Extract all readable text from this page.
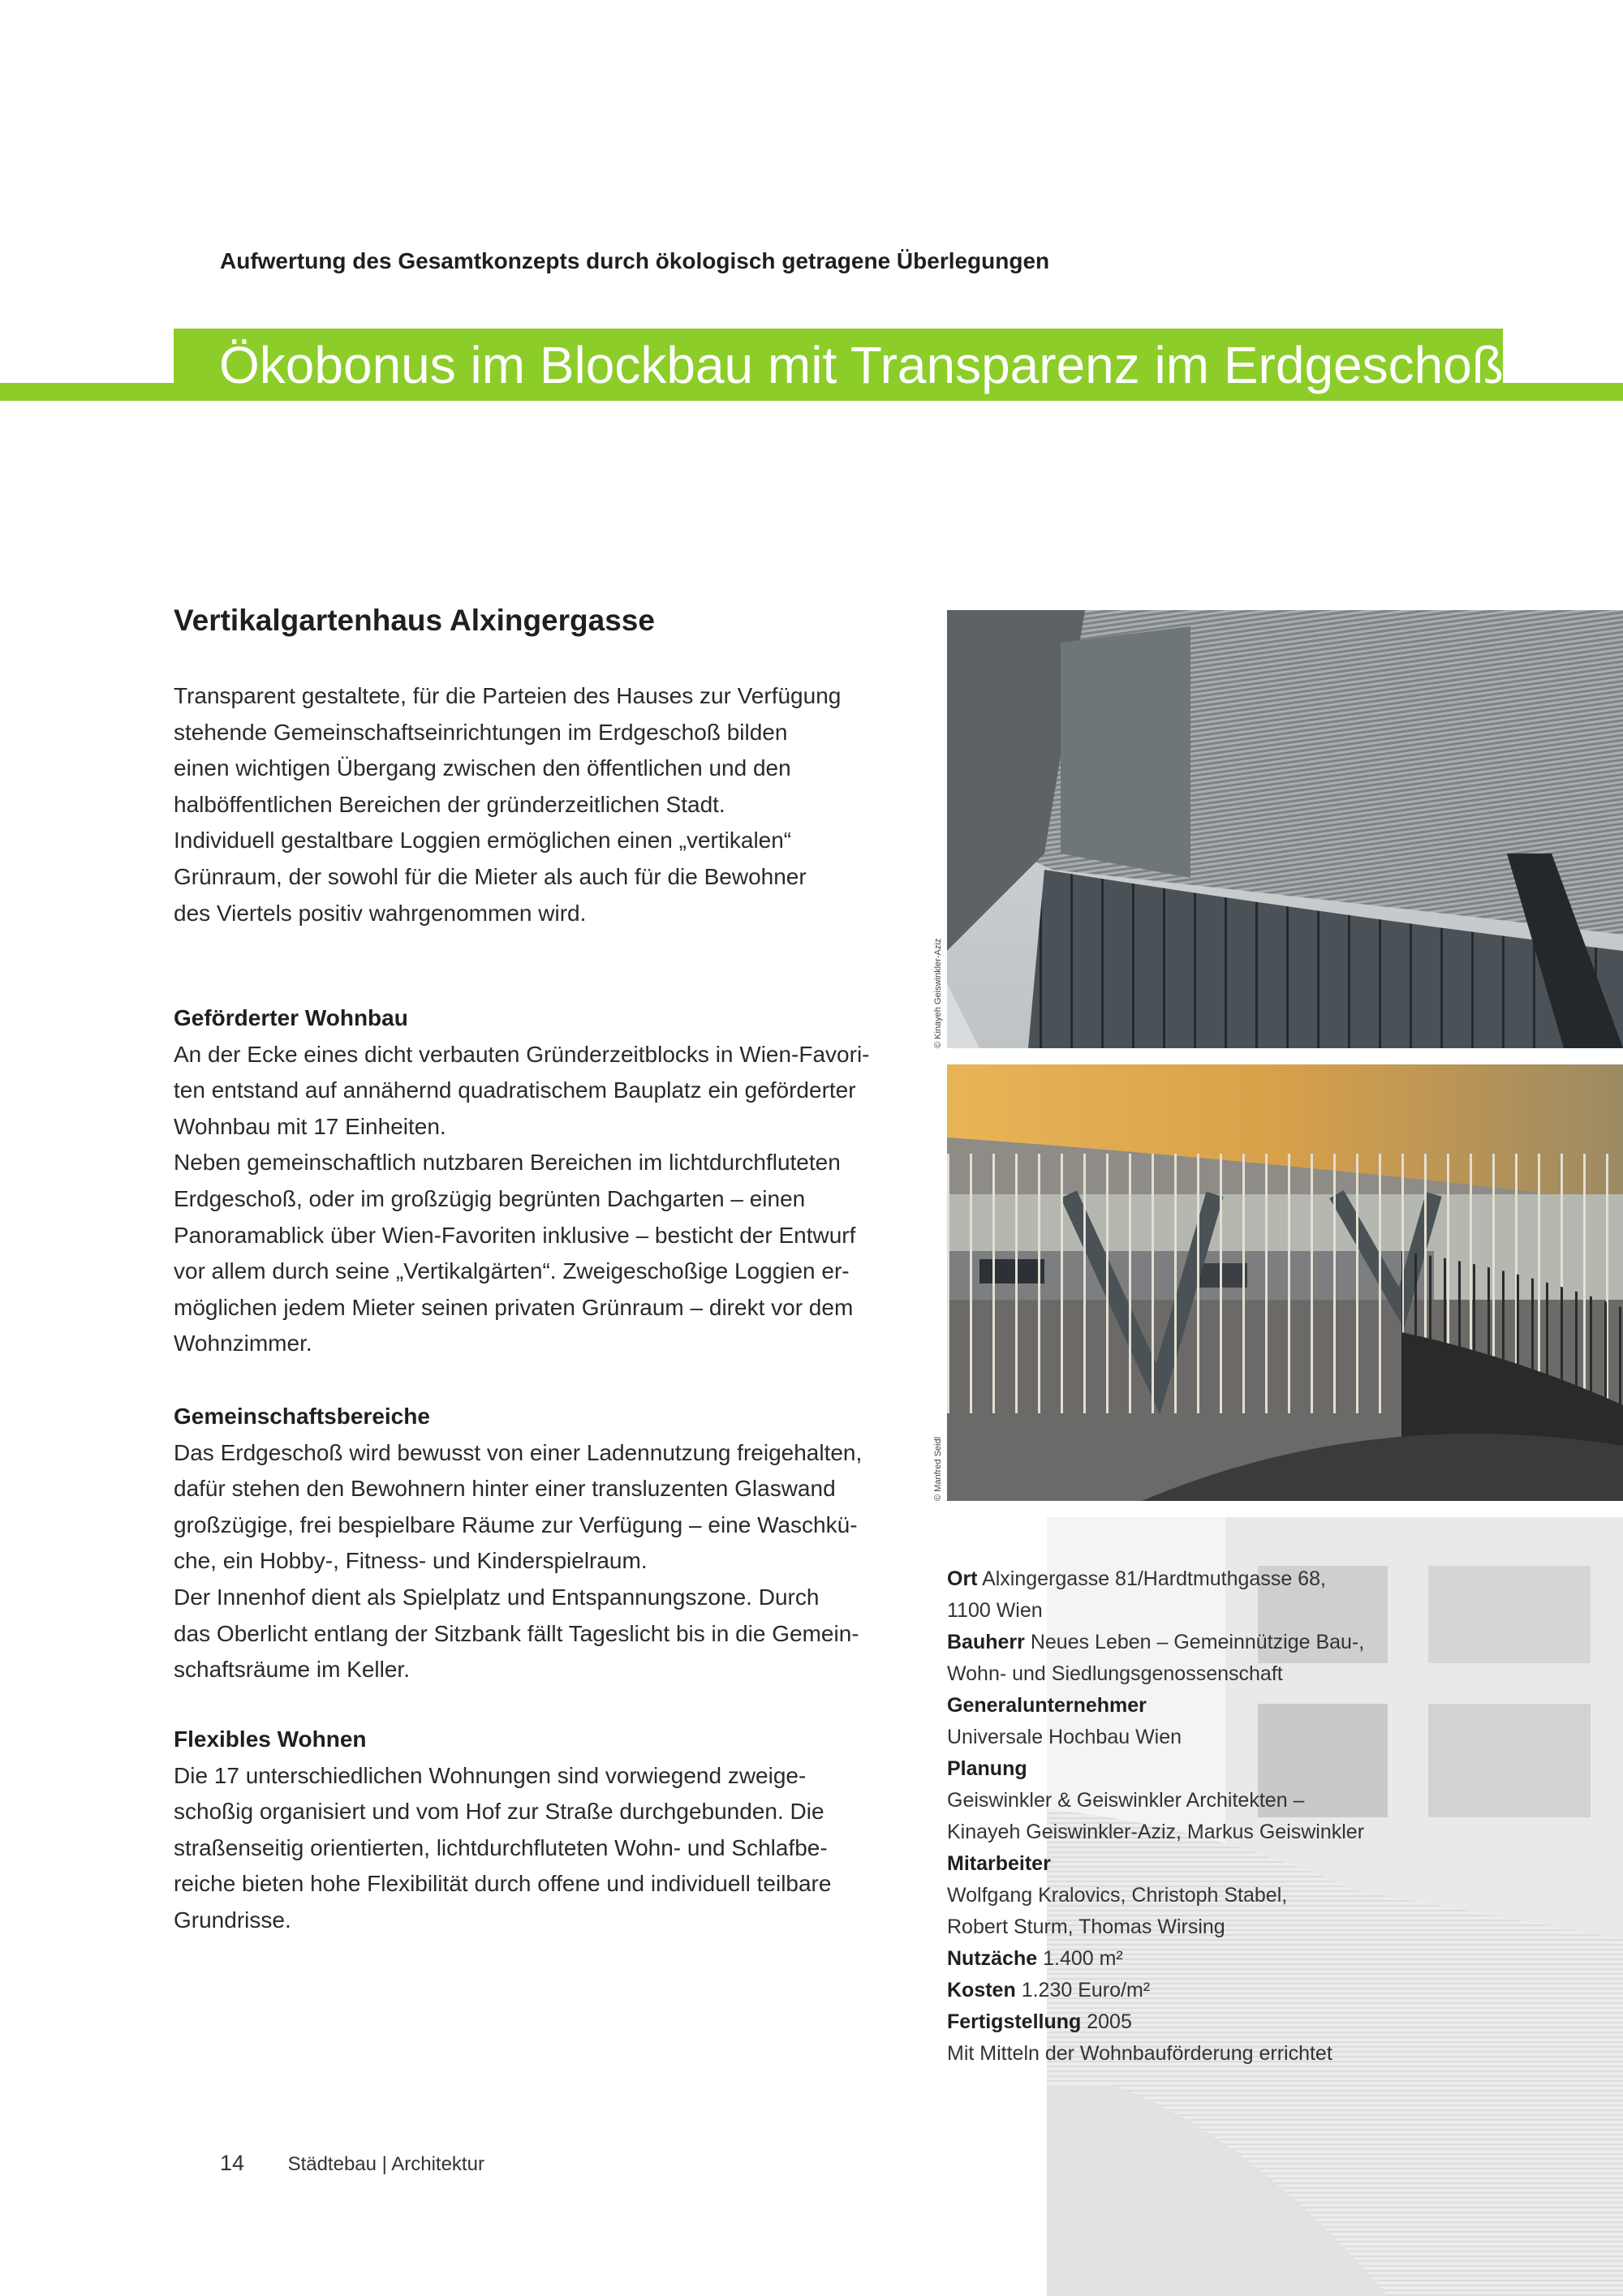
Aufwertung des Gesamtkonzepts durch ökologisch getragene Überlegungen
Ökobonus im Blockbau mit Transparenz im Erdgeschoß
Vertikalgartenhaus Alxingergasse
Transparent gestaltete, für die Parteien des Hauses zur Verfügung
stehende Gemeinschaftseinrichtungen im Erdgeschoß bilden
einen wichtigen Übergang zwischen den öffentlichen und den
halböffentlichen Bereichen der gründerzeitlichen Stadt.
Individuell gestaltbare Loggien ermöglichen einen „vertikalen“
Grünraum, der sowohl für die Mieter als auch für die Bewohner
des Viertels positiv wahrgenommen wird.
Geförderter Wohnbau

An der Ecke eines dicht verbauten Gründerzeitblocks in Wien-Favori-

ten entstand auf annähernd quadratischem Bauplatz ein geförderter

Wohnbau mit 17 Einheiten.

Neben gemeinschaftlich nutzbaren Bereichen im lichtdurchfluteten

Erdgeschoß, oder im großzügig begrünten Dachgarten – einen

Panoramablick über Wien-Favoriten inklusive – besticht der Entwurf

vor allem durch seine „Vertikalgärten“. Zweigeschoßige Loggien er-

möglichen jedem Mieter seinen privaten Grünraum – direkt vor dem

Wohnzimmer.

Gemeinschaftsbereiche

Das Erdgeschoß wird bewusst von einer Ladennutzung freigehalten,

dafür stehen den Bewohnern hinter einer transluzenten Glaswand

großzügige, frei bespielbare Räume zur Verfügung – eine Waschkü-

che, ein Hobby-, Fitness- und Kinderspielraum.

Der Innenhof dient als Spielplatz und Entspannungszone. Durch

das Oberlicht entlang der Sitzbank fällt Tageslicht bis in die Gemein-

schaftsräume im Keller.

Flexibles Wohnen

Die 17 unterschiedlichen Wohnungen sind vorwiegend zweige-

schoßig organisiert und vom Hof zur Straße durchgebunden. Die

straßenseitig orientierten, lichtdurchfluteten Wohn- und Schlafbe-

reiche bieten hohe Flexibilität durch offene und individuell teilbare

Grundrisse.

© Kinayeh Geiswinkler-Aziz
© Manfred Seidl
Ort Alxingergasse 81/Hardtmuthgasse 68,
1100 Wien
Bauherr Neues Leben – Gemeinnützige Bau-,
Wohn- und Siedlungsgenossenschaft
Generalunternehmer
Universale Hochbau Wien
Planung
Geiswinkler & Geiswinkler Architekten –
Kinayeh Geiswinkler-Aziz, Markus Geiswinkler
Mitarbeiter
Wolfgang Kralovics, Christoph Stabel,
Robert Sturm, Thomas Wirsing
Nutzäche 1.400 m²
Kosten 1.230 Euro/m²
Fertigstellung 2005
Mit Mitteln der Wohnbauförderung errichtet
14 Städtebau | Architektur
